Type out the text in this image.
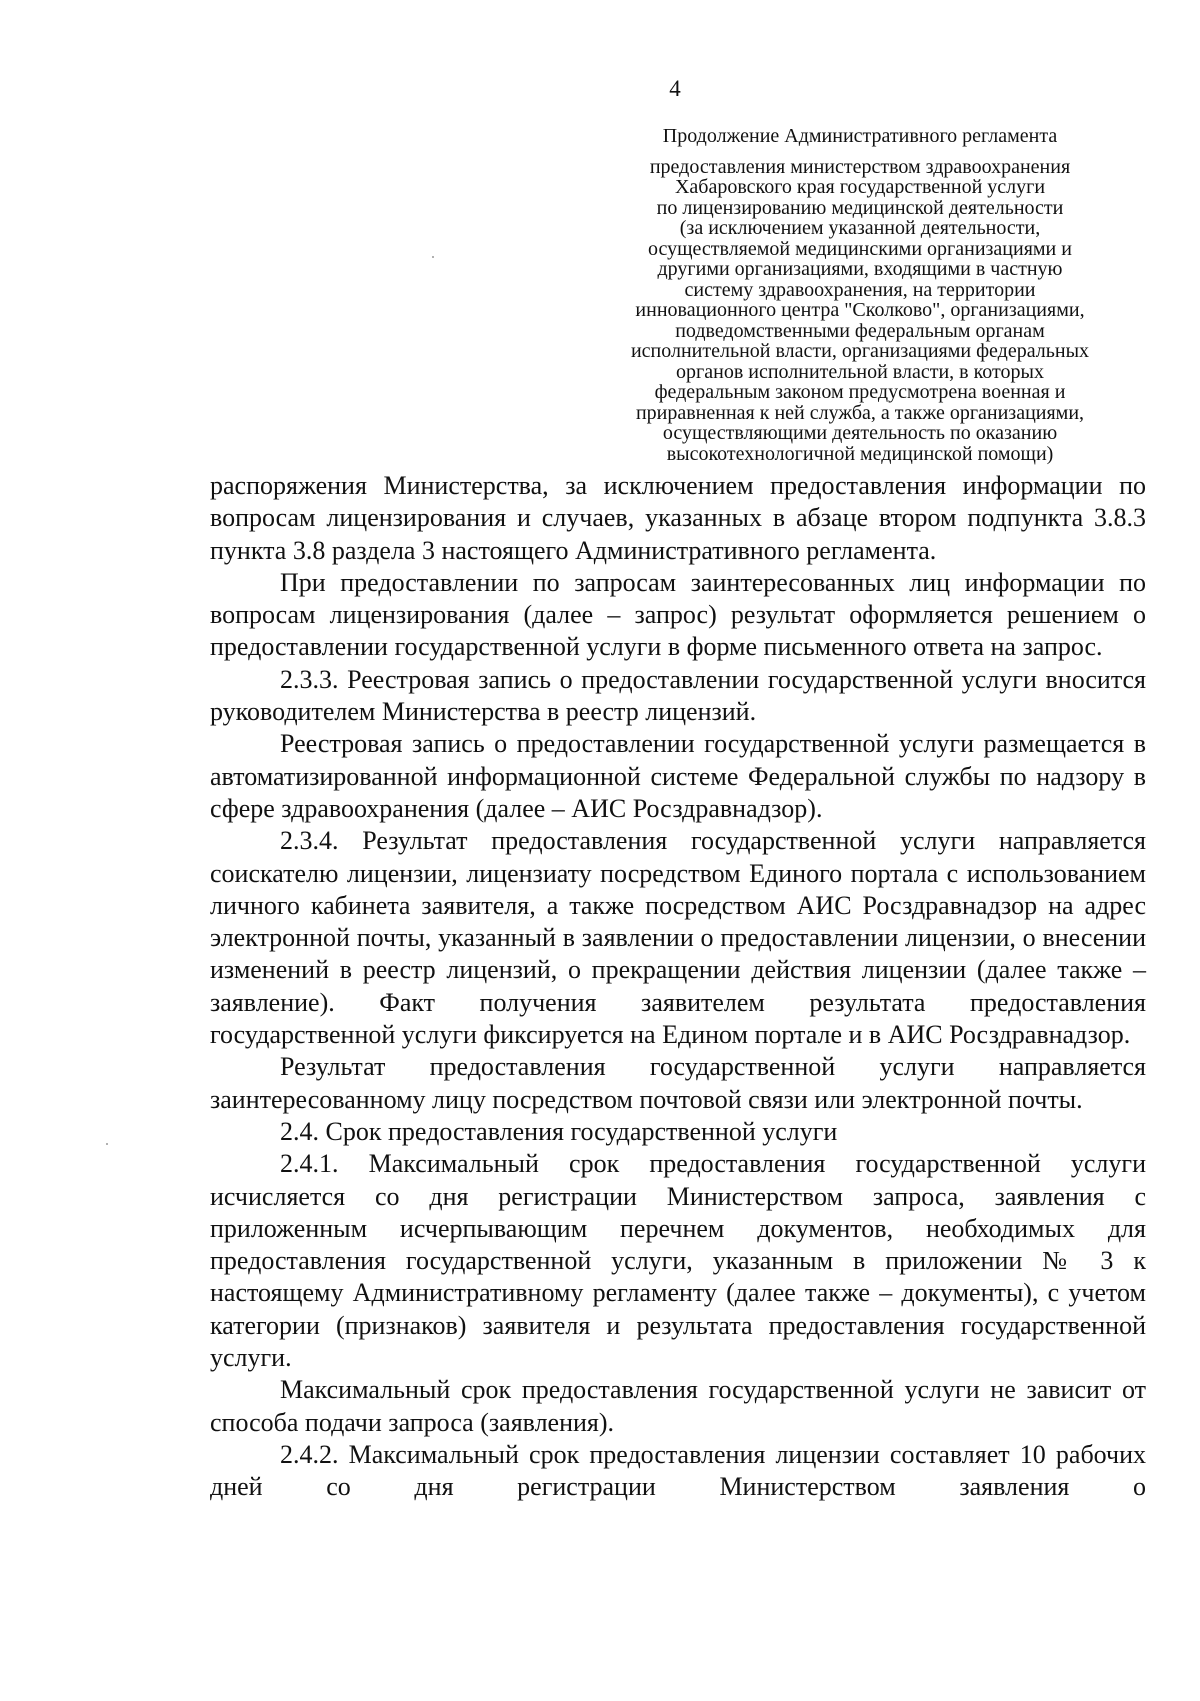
4
Продолжение Административного регламента
предоставления министерством здравоохранения
Хабаровского края государственной услуги
по лицензированию медицинской деятельности
(за исключением указанной деятельности,
осуществляемой медицинскими организациями и
другими организациями, входящими в частную
систему здравоохранения, на территории
инновационного центра "Сколково", организациями,
подведомственными федеральным органам
исполнительной власти, организациями федеральных
органов исполнительной власти, в которых
федеральным законом предусмотрена военная и
приравненная к ней служба, а также организациями,
осуществляющими деятельность по оказанию
высокотехнологичной медицинской помощи)

распоряжения Министерства, за исключением предоставления информации по вопросам лицензирования и случаев, указанных в абзаце втором подпункта 3.8.3 пункта 3.8 раздела 3 настоящего Административного регламента.

При предоставлении по запросам заинтересованных лиц информации по вопросам лицензирования (далее – запрос) результат оформляется решением о предоставлении государственной услуги в форме письменного ответа на запрос.

2.3.3. Реестровая запись о предоставлении государственной услуги вносится руководителем Министерства в реестр лицензий.

Реестровая запись о предоставлении государственной услуги размещается в автоматизированной информационной системе Федеральной службы по надзору в сфере здравоохранения (далее – АИС Росздравнадзор).

2.3.4. Результат предоставления государственной услуги направляется соискателю лицензии, лицензиату посредством Единого портала с использованием личного кабинета заявителя, а также посредством АИС Росздравнадзор на адрес электронной почты, указанный в заявлении о предоставлении лицензии, о внесении изменений в реестр лицензий, о прекращении действия лицензии (далее также – заявление). Факт получения заявителем результата предоставления государственной услуги фиксируется на Едином портале и в АИС Росздравнадзор.

Результат предоставления государственной услуги направляется заинтересованному лицу посредством почтовой связи или электронной почты.

2.4. Срок предоставления государственной услуги

2.4.1. Максимальный срок предоставления государственной услуги исчисляется со дня регистрации Министерством запроса, заявления с приложенным исчерпывающим перечнем документов, необходимых для предоставления государственной услуги, указанным в приложении № 3 к настоящему Административному регламенту (далее также – документы), с учетом категории (признаков) заявителя и результата предоставления государственной услуги.

Максимальный срок предоставления государственной услуги не зависит от способа подачи запроса (заявления).

2.4.2. Максимальный срок предоставления лицензии составляет 10 рабочих дней со дня регистрации Министерством заявления о
